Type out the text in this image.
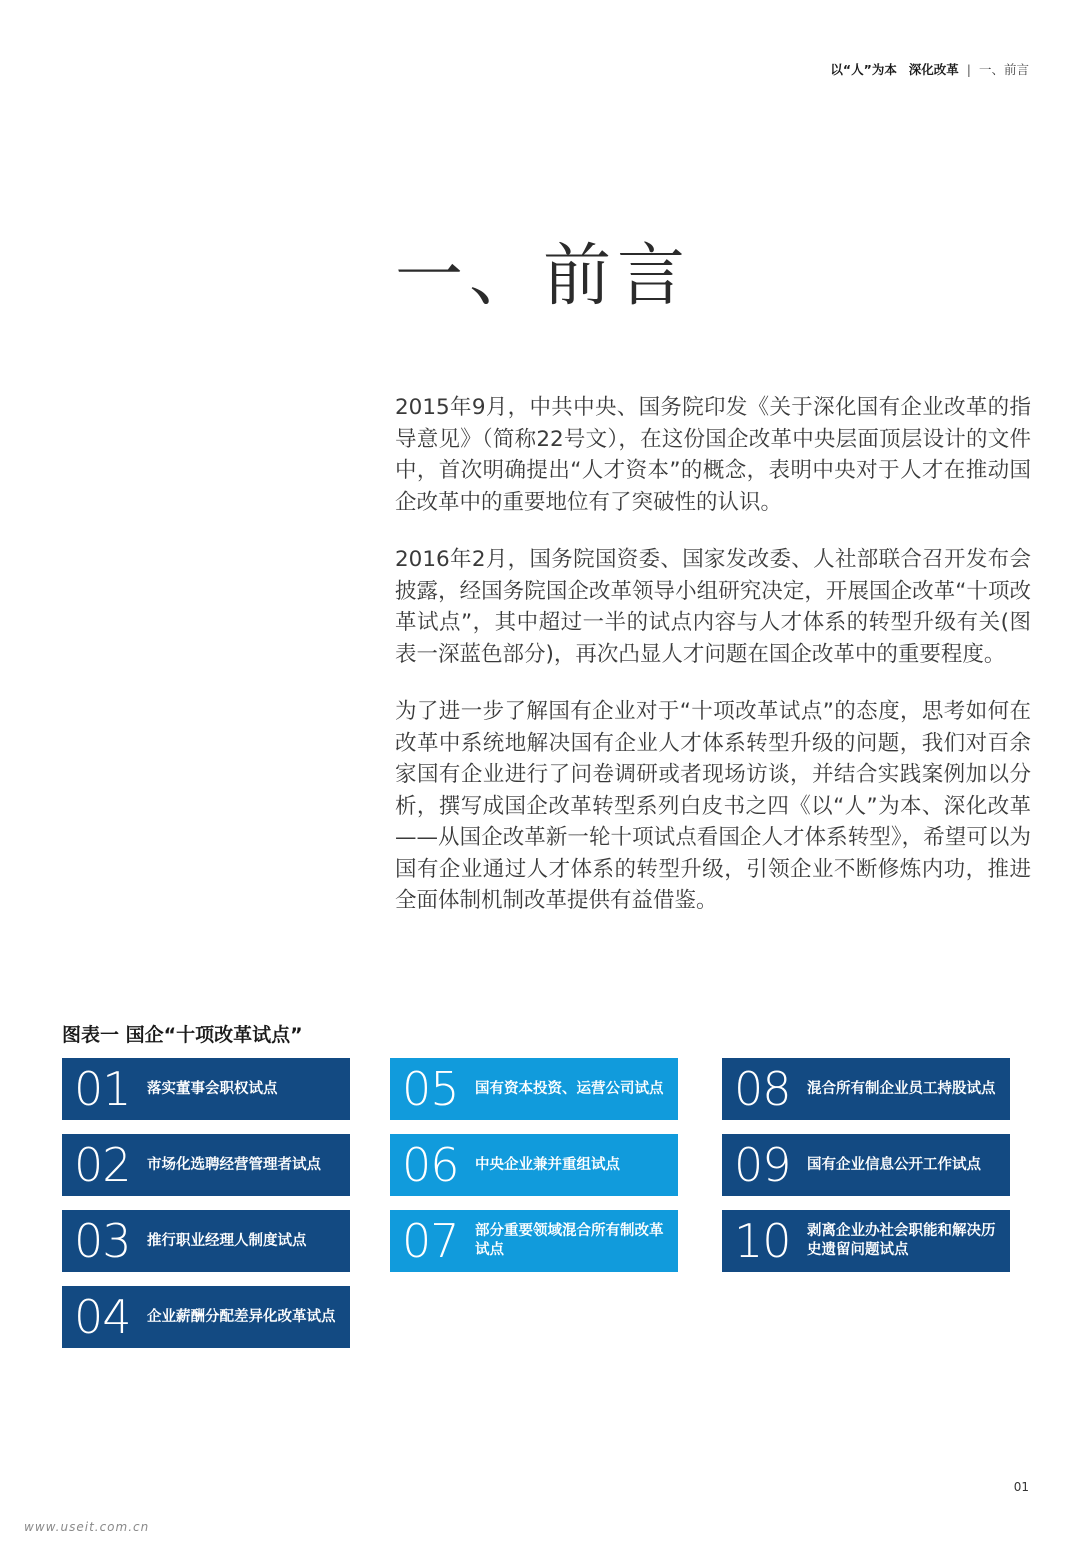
以“人”为本 深化改革 | 一、前言
一、前言

2015年9月，中共中央、国务院印发《关于深化国有企业改革的指导意见》（简称22号文），在这份国企改革中央层面顶层设计的文件中，首次明确提出“人才资本”的概念，表明中央对于人才在推动国企改革中的重要地位有了突破性的认识。

2016年2月，国务院国资委、国家发改委、人社部联合召开发布会披露，经国务院国企改革领导小组研究决定，开展国企改革“十项改革试点”，其中超过一半的试点内容与人才体系的转型升级有关(图表一深蓝色部分)，再次凸显人才问题在国企改革中的重要程度。

为了进一步了解国有企业对于“十项改革试点”的态度，思考如何在改革中系统地解决国有企业人才体系转型升级的问题，我们对百余家国有企业进行了问卷调研或者现场访谈，并结合实践案例加以分析，撰写成国企改革转型系列白皮书之四《以“人”为本、深化改革——从国企改革新一轮十项试点看国企人才体系转型》，希望可以为国有企业通过人才体系的转型升级，引领企业不断修炼内功，推进全面体制机制改革提供有益借鉴。

图表一 国企“十项改革试点”
01	落实董事会职权试点
02	市场化选聘经营管理者试点
03	推行职业经理人制度试点
04	企业薪酬分配差异化改革试点
05	国有资本投资、运营公司试点
06	中央企业兼并重组试点
07	部分重要领域混合所有制改革试点
08	混合所有制企业员工持股试点
09	国有企业信息公开工作试点
10	剥离企业办社会职能和解决历史遗留问题试点
01
www.useit.com.cn
